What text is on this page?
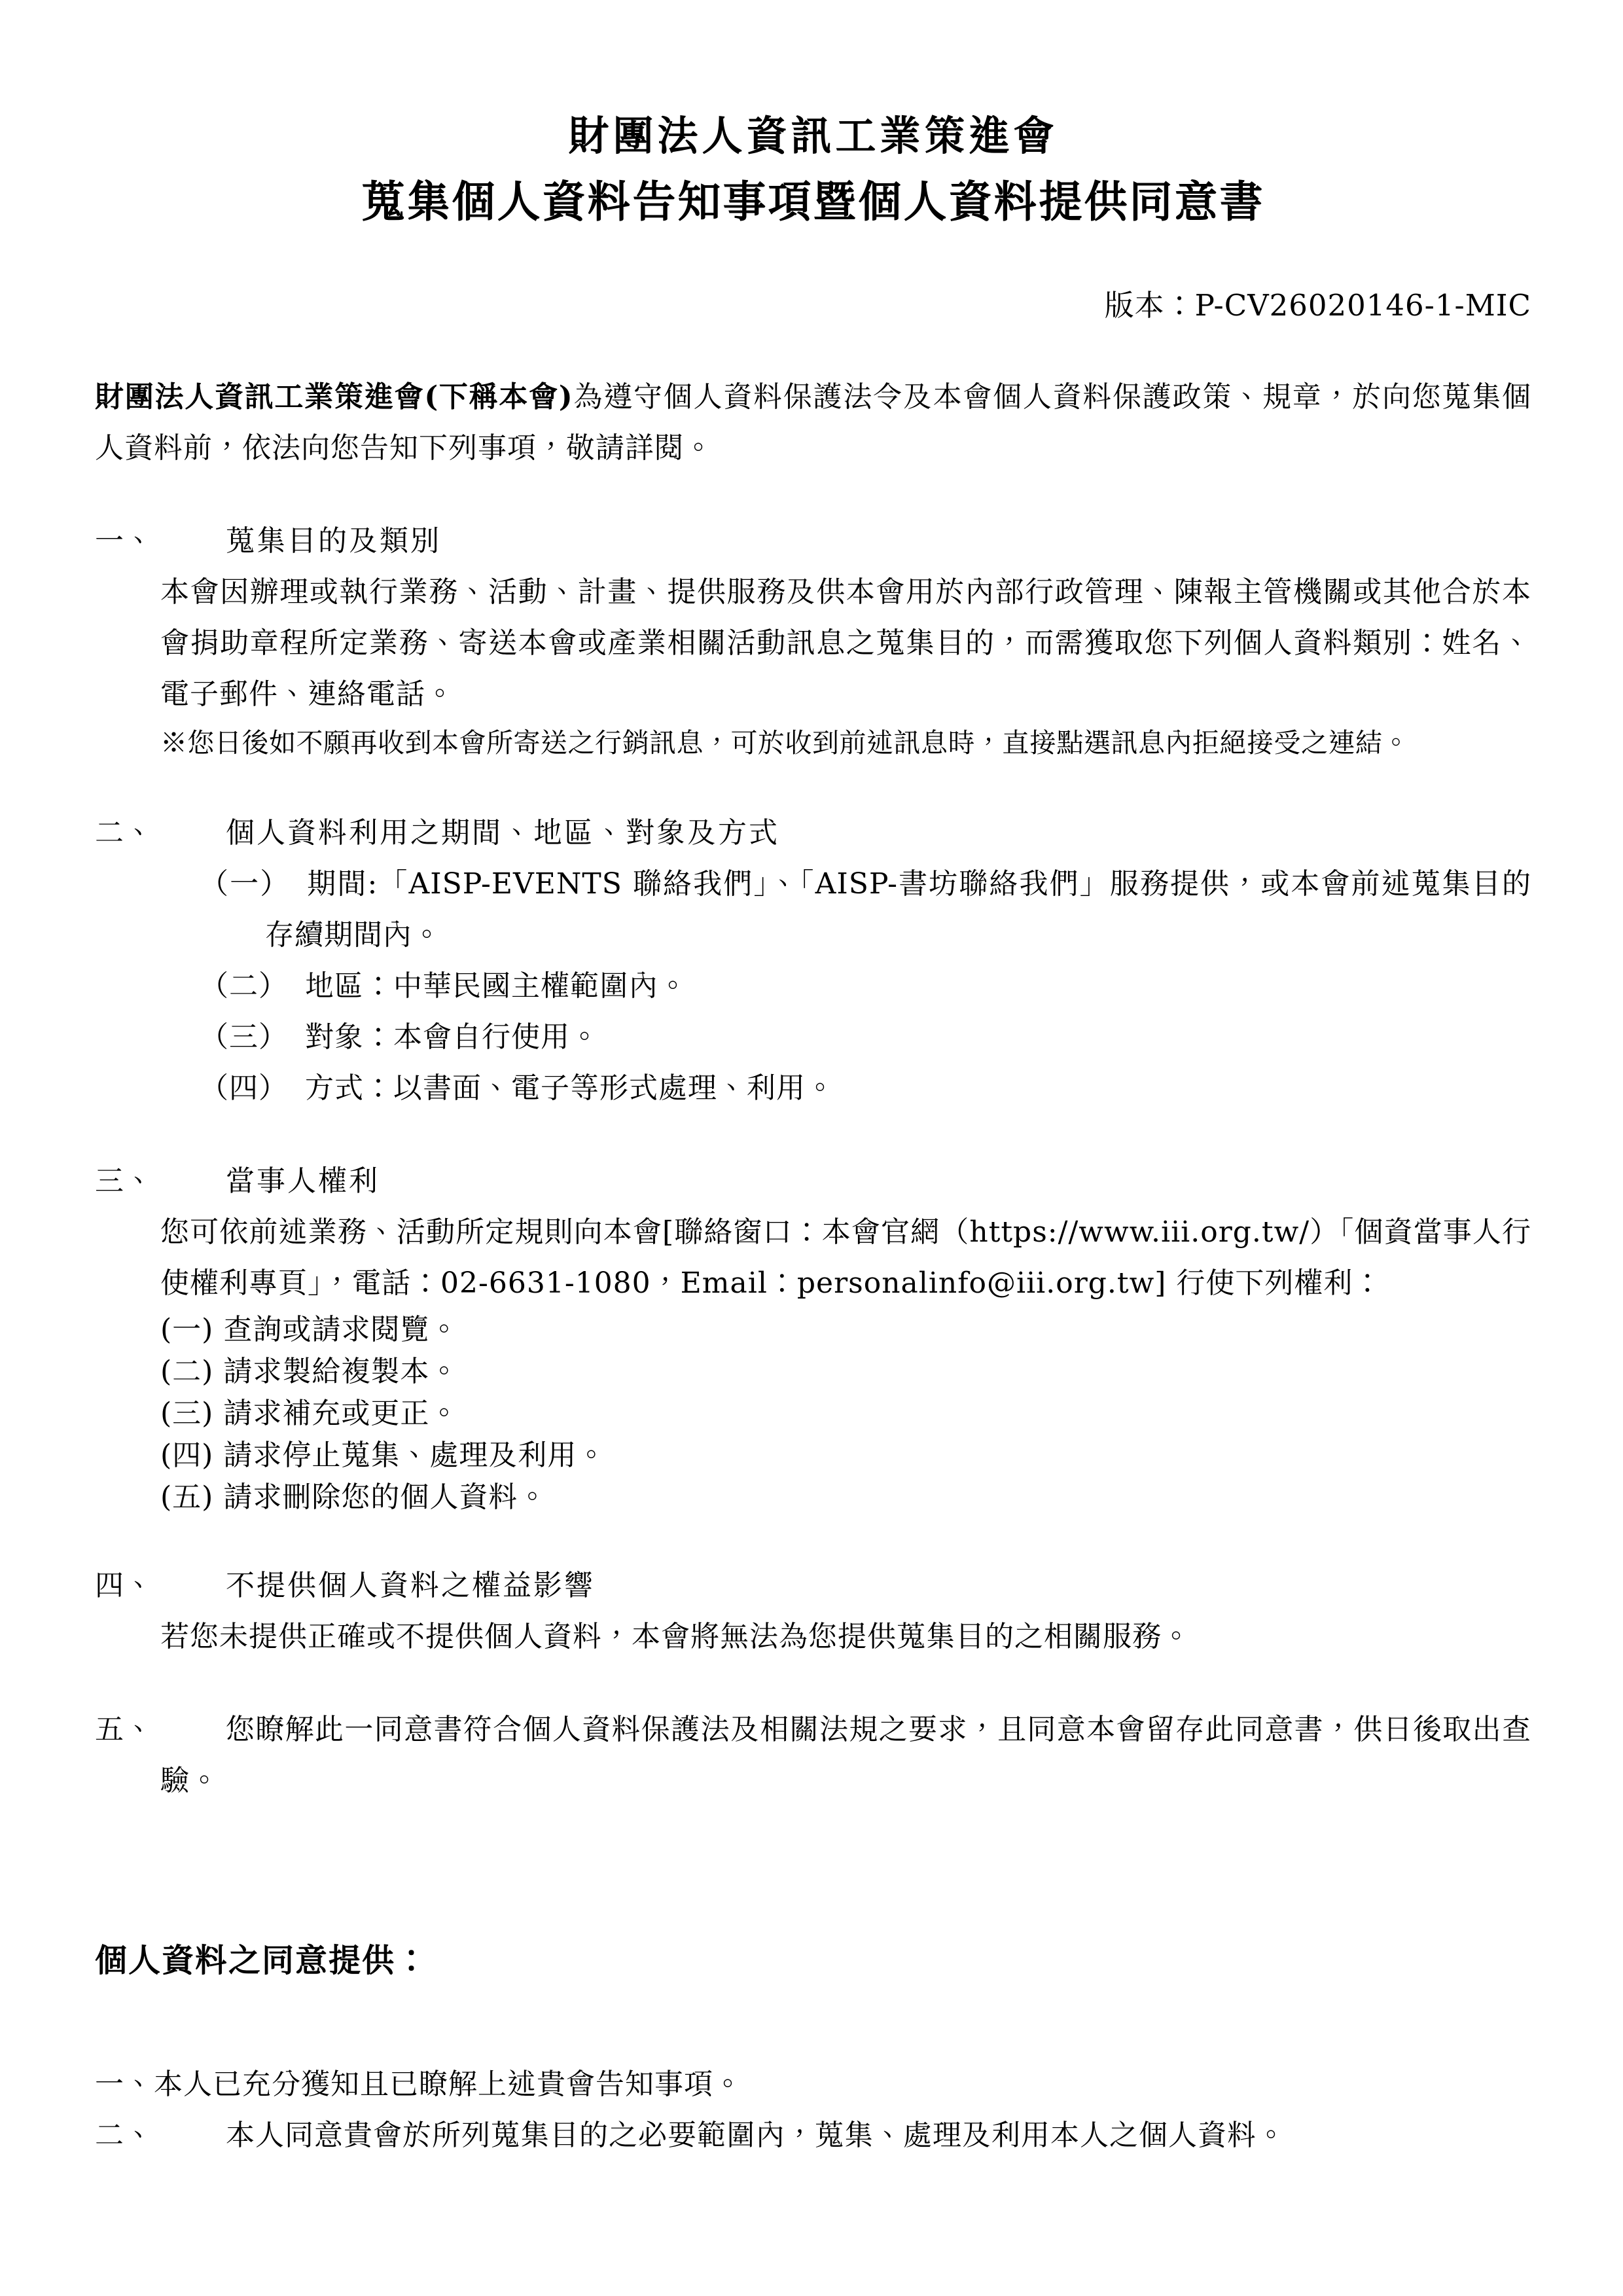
財團法人資訊工業策進會
蒐集個人資料告知事項暨個人資料提供同意書
版本：P-CV26020146-1-MIC

財團法人資訊工業策進會(下稱本會)為遵守個人資料保護法令及本會個人資料保護政策、規章，於向您蒐集個人資料前，依法向您告知下列事項，敬請詳閱。

一、	蒐集目的及類別

本會因辦理或執行業務、活動、計畫、提供服務及供本會用於內部行政管理、陳報主管機關或其他合於本會捐助章程所定業務、寄送本會或產業相關活動訊息之蒐集目的，而需獲取您下列個人資料類別：姓名、電子郵件、連絡電話。

※您日後如不願再收到本會所寄送之行銷訊息，可於收到前述訊息時，直接點選訊息內拒絕接受之連結。

二、	個人資料利用之期間、地區、對象及方式

（一） 期間:「AISP-EVENTS 聯絡我們」、「AISP-書坊聯絡我們」服務提供，或本會前述蒐集目的存續期間內。

（二） 地區：中華民國主權範圍內。

（三） 對象：本會自行使用。

（四） 方式：以書面、電子等形式處理、利用。

三、	當事人權利

您可依前述業務、活動所定規則向本會[聯絡窗口：本會官網（https://www.iii.org.tw/）「個資當事人行使權利專頁」，電話：02-6631-1080，Email：personalinfo@iii.org.tw] 行使下列權利：

(一) 查詢或請求閱覽。
(二) 請求製給複製本。
(三) 請求補充或更正。
(四) 請求停止蒐集、處理及利用。
(五) 請求刪除您的個人資料。
四、	不提供個人資料之權益影響

若您未提供正確或不提供個人資料，本會將無法為您提供蒐集目的之相關服務。

五、	您瞭解此一同意書符合個人資料保護法及相關法規之要求，且同意本會留存此同意書，供日後取出查驗。

個人資料之同意提供：

一、本人已充分獲知且已瞭解上述貴會告知事項。

二、	本人同意貴會於所列蒐集目的之必要範圍內，蒐集、處理及利用本人之個人資料。
